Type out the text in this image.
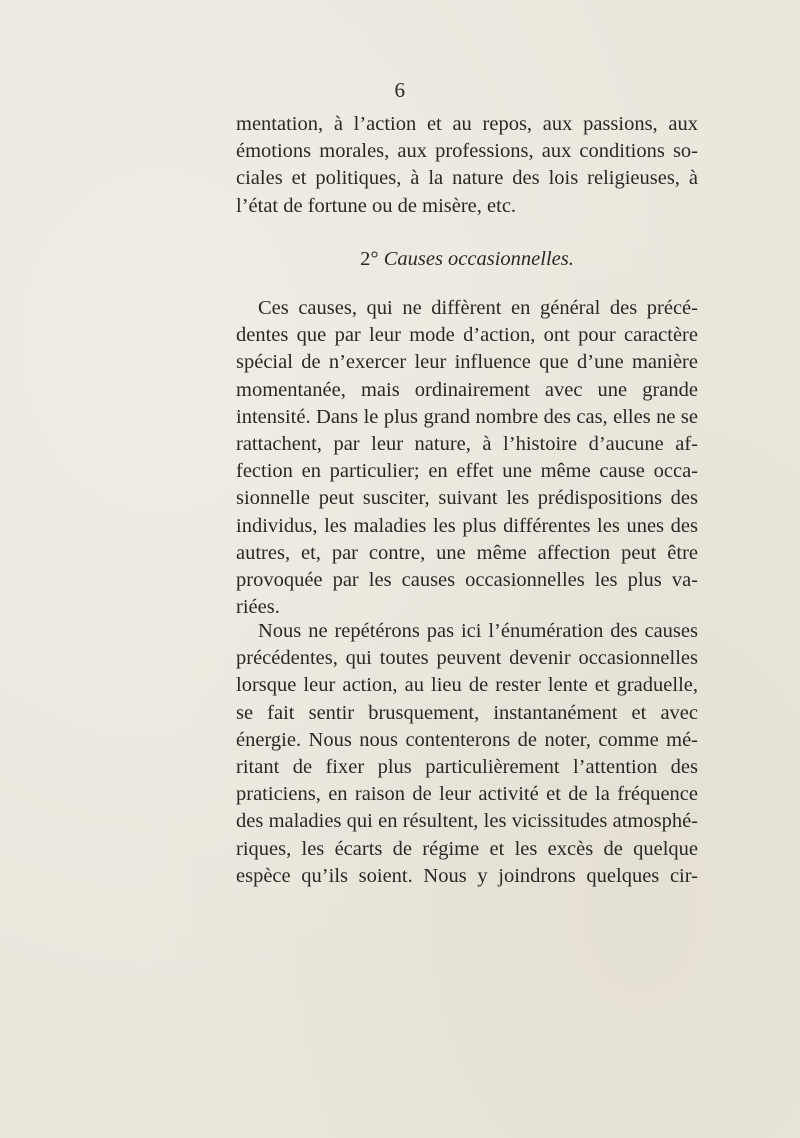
6
mentation, à l’action et au repos, aux passions, aux
émotions morales, aux professions, aux conditions so-
ciales et politiques, à la nature des lois religieuses, à
l’état de fortune ou de misère, etc.
2° Causes occasionnelles.
Ces causes, qui ne diffèrent en général des précé-
dentes que par leur mode d’action, ont pour caractère
spécial de n’exercer leur influence que d’une manière
momentanée, mais ordinairement avec une grande
intensité. Dans le plus grand nombre des cas, elles ne se
rattachent, par leur nature, à l’histoire d’aucune af-
fection en particulier; en effet une même cause occa-
sionnelle peut susciter, suivant les prédispositions des
individus, les maladies les plus différentes les unes des
autres, et, par contre, une même affection peut être
provoquée par les causes occasionnelles les plus va-
riées.
Nous ne repétérons pas ici l’énumération des causes
précédentes, qui toutes peuvent devenir occasionnelles
lorsque leur action, au lieu de rester lente et graduelle,
se fait sentir brusquement, instantanément et avec
énergie. Nous nous contenterons de noter, comme mé-
ritant de fixer plus particulièrement l’attention des
praticiens, en raison de leur activité et de la fréquence
des maladies qui en résultent, les vicissitudes atmosphé-
riques, les écarts de régime et les excès de quelque
espèce qu’ils soient. Nous y joindrons quelques cir-
